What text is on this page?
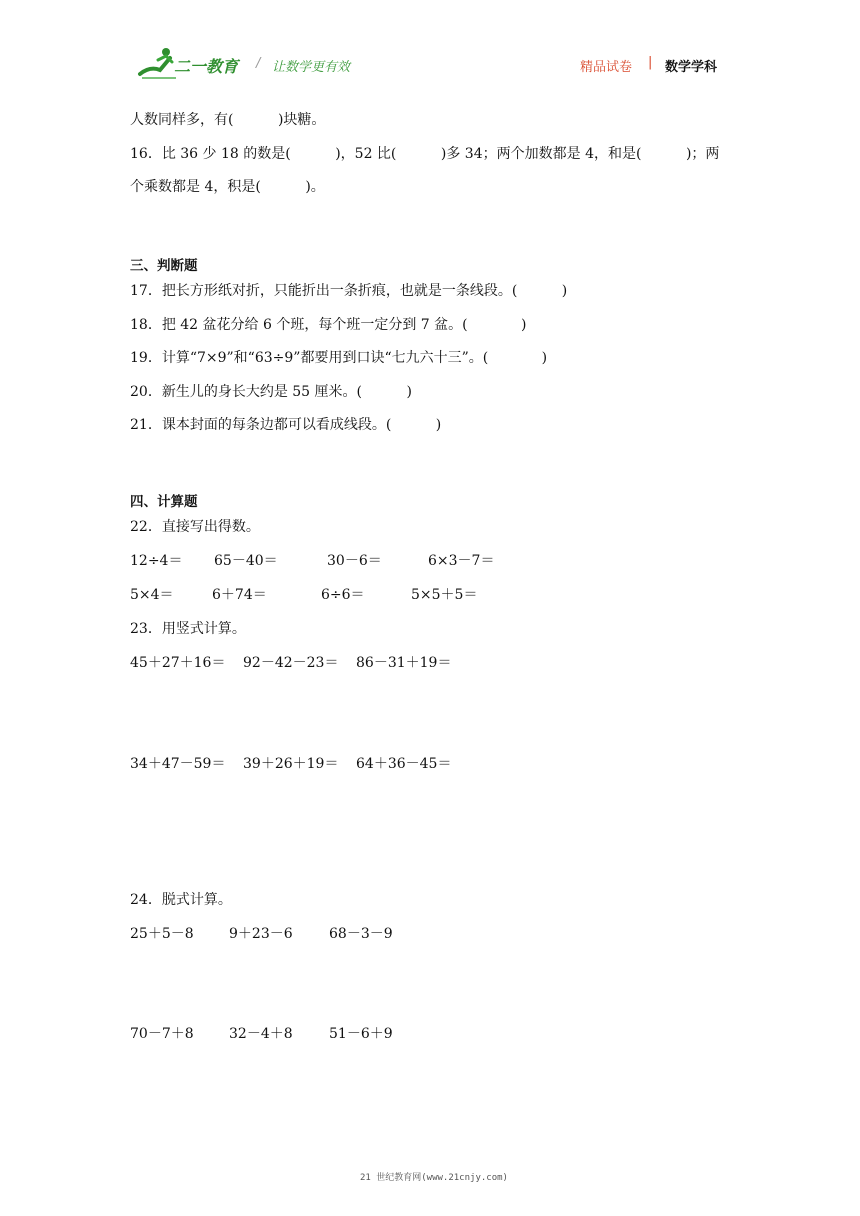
二一教育 / 让数学更有效	精品试卷 | 数学学科
人数同样多，有(          )块糖。
16．比 36 少 18 的数是(          )，52 比(          )多 34；两个加数都是 4，和是(          )；两
个乘数都是 4，积是(          )。
三、判断题
17．把长方形纸对折，只能折出一条折痕，也就是一条线段。(          )
18．把 42 盆花分给 6 个班，每个班一定分到 7 盆。(            )
19．计算“7×9”和“63÷9”都要用到口诀“七九六十三”。(            )
20．新生儿的身长大约是 55 厘米。(          )
21．课本封面的每条边都可以看成线段。(          )
四、计算题
22．直接写出得数。
12÷4＝ 65－40＝	30－6＝	6×3－7＝
5×4＝	6＋74＝	6÷6＝	5×5＋5＝
23．用竖式计算。
45＋27＋16＝ 92－42－23＝ 86－31＋19＝
34＋47－59＝ 39＋26＋19＝ 64＋36－45＝
24．脱式计算。
25＋5－8	9＋23－6	68－3－9
70－7＋8	32－4＋8	51－6＋9
21 世纪教育网(www.21cnjy.com)
